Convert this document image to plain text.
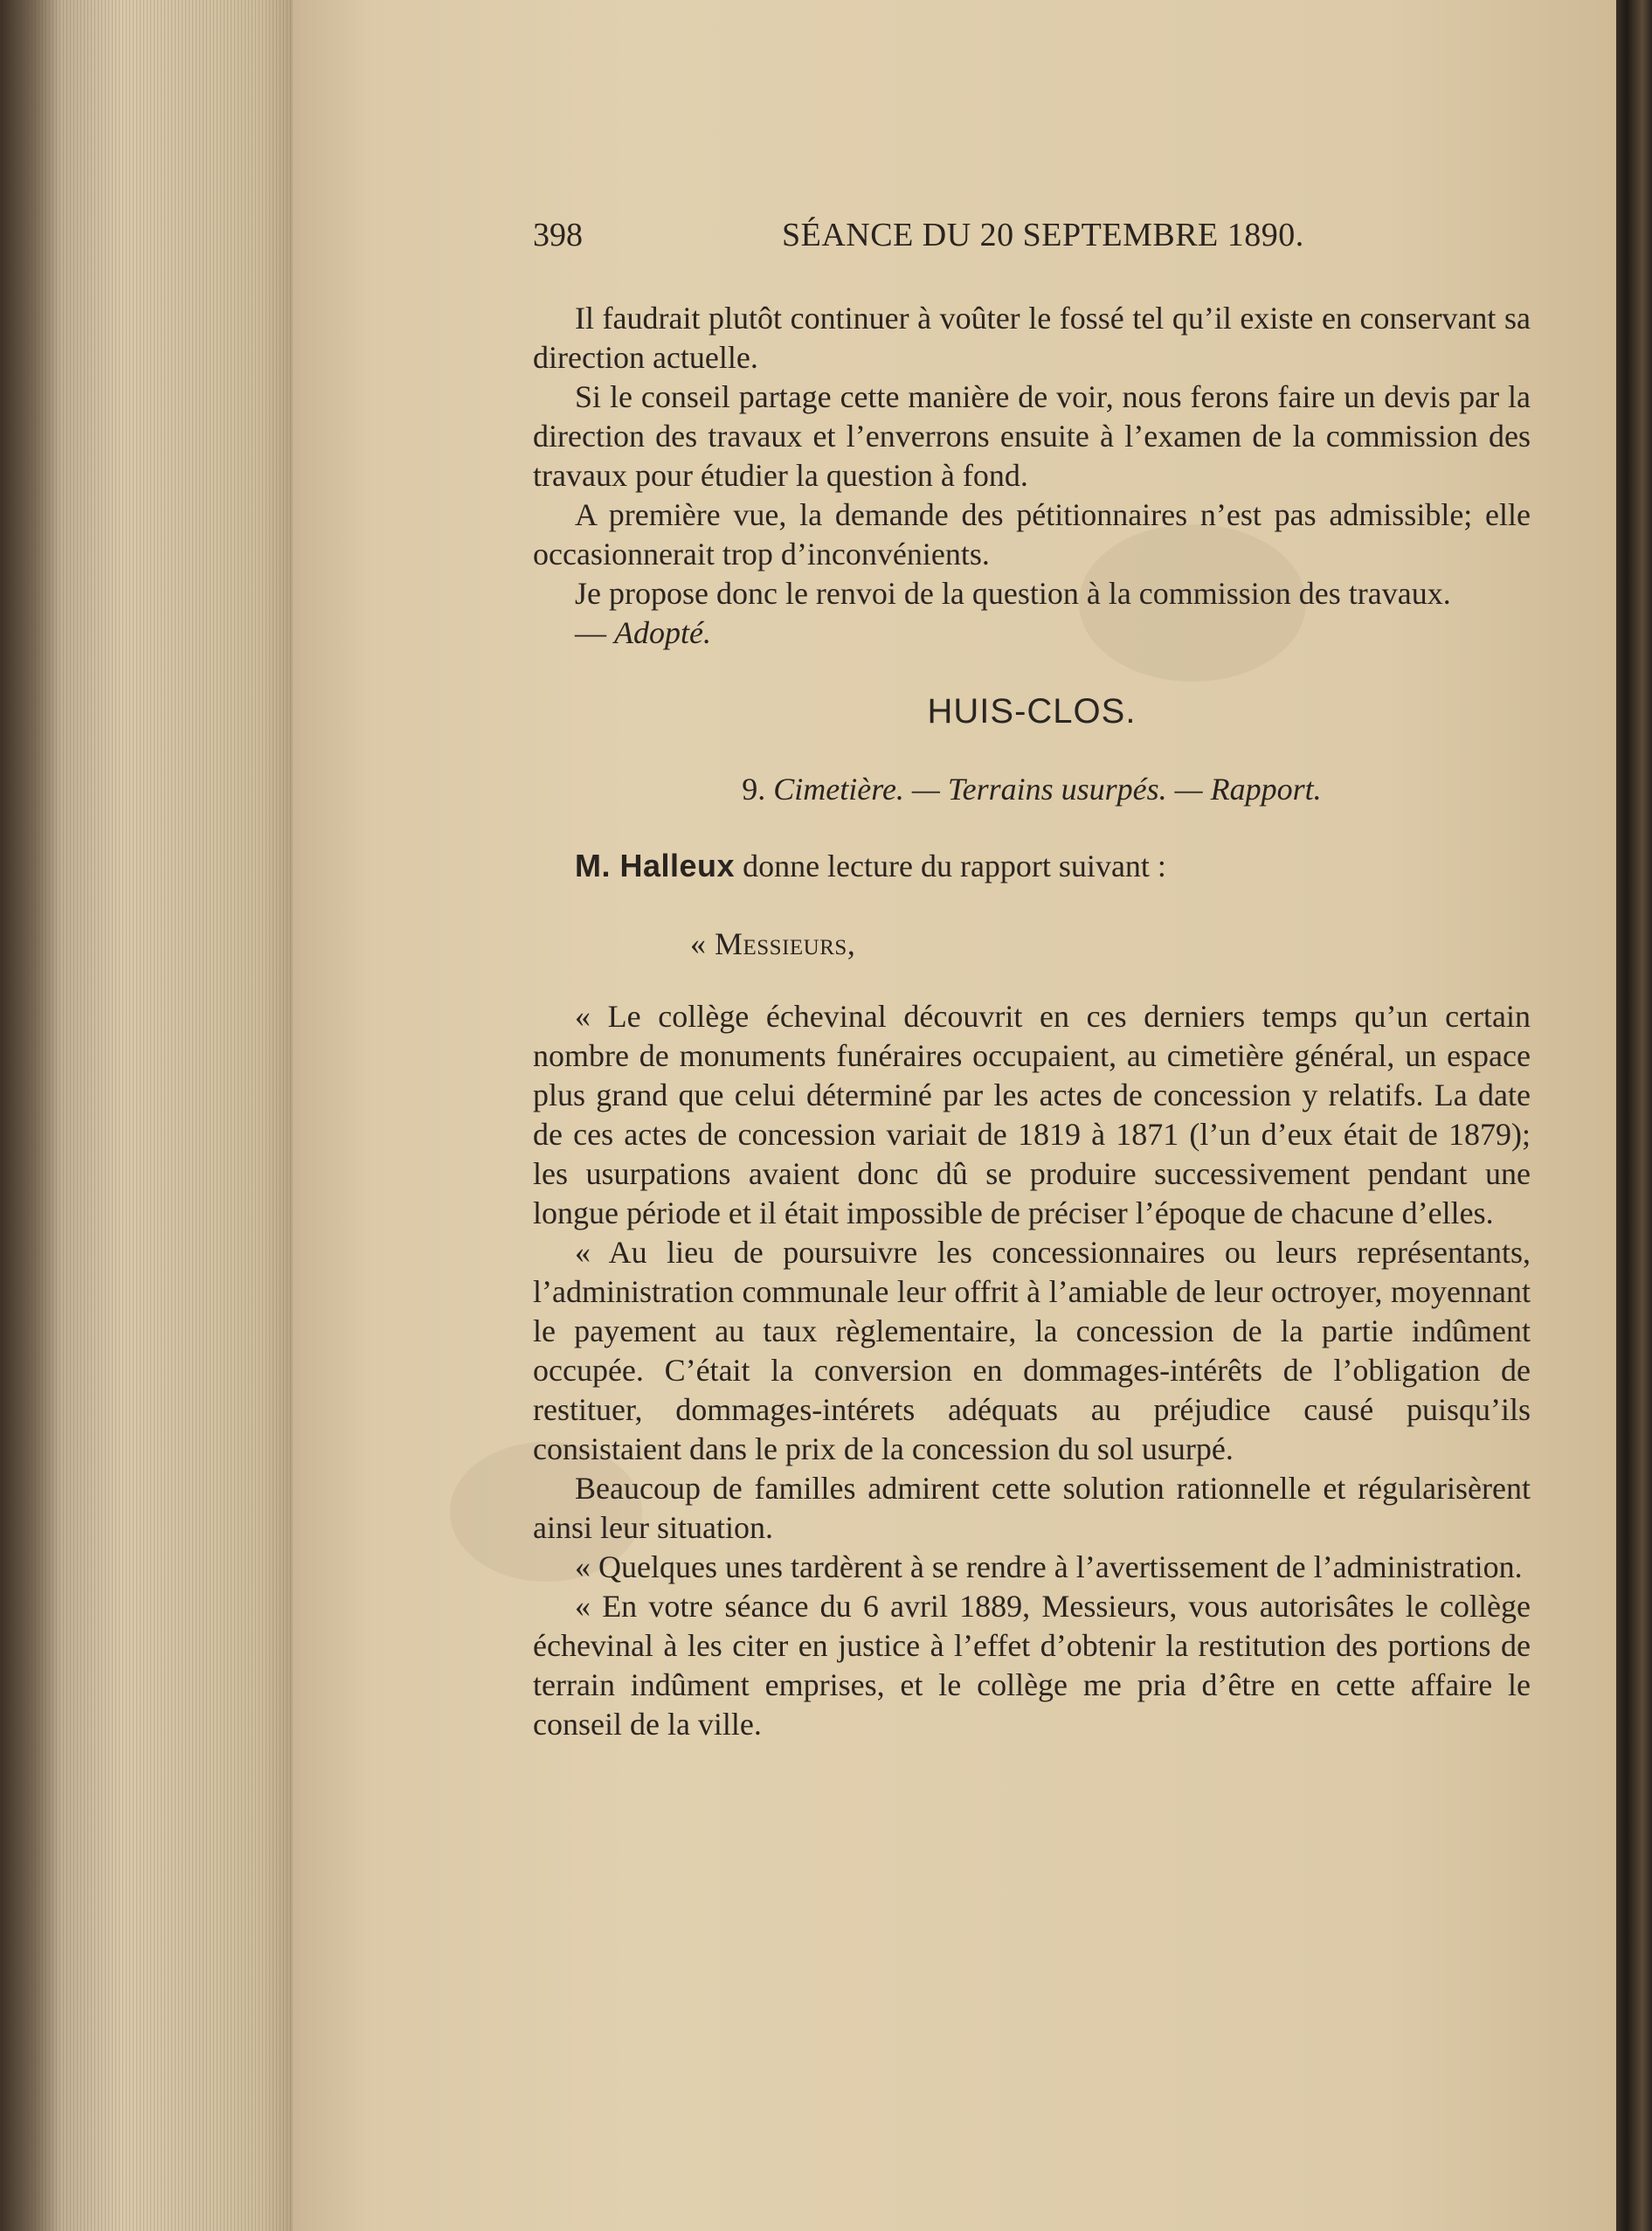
398	SÉANCE DU 20 SEPTEMBRE 1890.

Il faudrait plutôt continuer à voûter le fossé tel qu’il existe en conservant sa direction actuelle.

Si le conseil partage cette manière de voir, nous ferons faire un devis par la direction des travaux et l’enverrons ensuite à l’examen de la commission des travaux pour étudier la question à fond.

A première vue, la demande des pétitionnaires n’est pas admissible; elle occasionnerait trop d’inconvénients.

Je propose donc le renvoi de la question à la commission des travaux.

— Adopté.

HUIS-CLOS.
9. Cimetière. — Terrains usurpés. — Rapport.

M. Halleux donne lecture du rapport suivant :

« Messieurs,

« Le collège échevinal découvrit en ces derniers temps qu’un certain nombre de monuments funéraires occupaient, au cimetière général, un espace plus grand que celui déterminé par les actes de concession y relatifs. La date de ces actes de concession variait de 1819 à 1871 (l’un d’eux était de 1879); les usurpations avaient donc dû se produire successivement pendant une longue période et il était impossible de préciser l’époque de chacune d’elles.

« Au lieu de poursuivre les concessionnaires ou leurs représentants, l’administration communale leur offrit à l’amiable de leur octroyer, moyennant le payement au taux règlementaire, la concession de la partie indûment occupée. C’était la conversion en dommages-intérêts de l’obligation de restituer, dommages-intérets adéquats au préjudice causé puisqu’ils consistaient dans le prix de la concession du sol usurpé.

Beaucoup de familles admirent cette solution rationnelle et régularisèrent ainsi leur situation.

« Quelques unes tardèrent à se rendre à l’avertissement de l’administration.

« En votre séance du 6 avril 1889, Messieurs, vous autorisâtes le collège échevinal à les citer en justice à l’effet d’obtenir la restitution des portions de terrain indûment emprises, et le collège me pria d’être en cette affaire le conseil de la ville.
